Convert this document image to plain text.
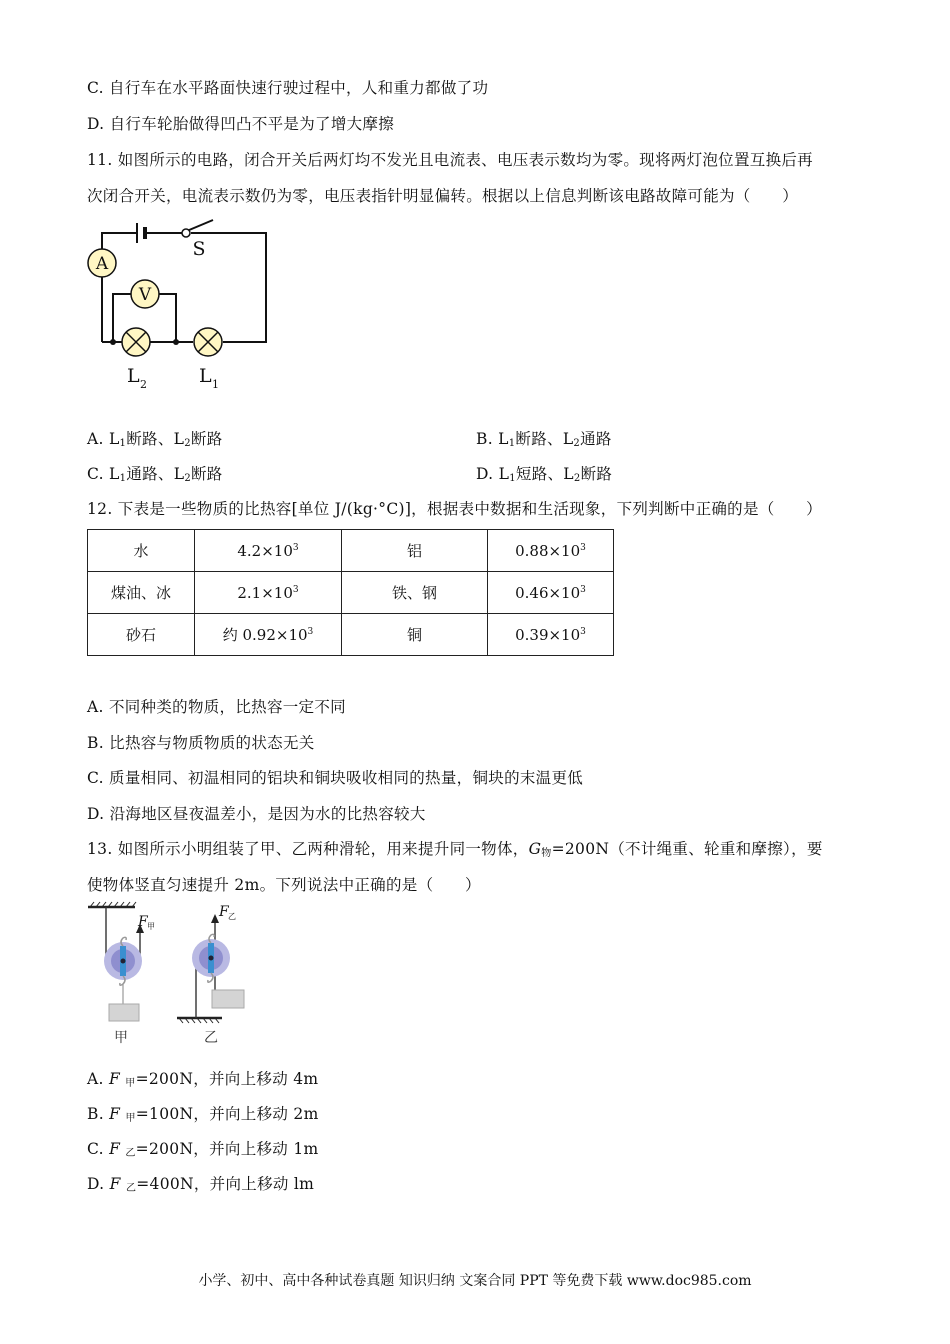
C. 自行车在水平路面快速行驶过程中，人和重力都做了功
D. 自行车轮胎做得凹凸不平是为了增大摩擦
11. 如图所示的电路，闭合开关后两灯均不发光且电流表、电压表示数均为零。现将两灯泡位置互换后再
次闭合开关，电流表示数仍为零，电压表指针明显偏转。根据以上信息判断该电路故障可能为（　　）
A
V
S
L 2	L 1
A. $L_1$断路、$L_2$断路	B. $L_1$断路、$L_2$通路
C. $L_1$通路、$L_2$断路	D. $L_1$短路、$L_2$断路
12. 下表是一些物质的比热容[单位 J/(kg·°C)]，根据表中数据和生活现象，下列判断中正确的是（　　）
水	$4.2\times 10^3$	铝	$0.88\times 10^3$
煤油、冰	$2.1\times 10^3$	铁、钢	$0.46\times 10^3$
砂石	约 $0.92\times 10^3$	铜	$0.39\times 10^3$
A. 不同种类的物质，比热容一定不同
B. 比热容与物质物质的状态无关
C. 质量相同、初温相同的铝块和铜块吸收相同的热量，铜块的末温更低
D. 沿海地区昼夜温差小，是因为水的比热容较大
13. 如图所示小明组装了甲、乙两种滑轮，用来提升同一物体，$G_物=200N$（不计绳重、轮重和摩擦），要
使物体竖直匀速提升 2m。下列说法中正确的是（　　）
F 甲
甲
F 乙
乙
A. F $_甲$=200N，并向上移动 4m
B. F $_甲$=100N，并向上移动 2m
C. F $_乙$=200N，并向上移动 1m
D. F $_乙$=400N，并向上移动 lm
小学、初中、高中各种试卷真题 知识归纳 文案合同 PPT 等免费下载 www.doc985.com
